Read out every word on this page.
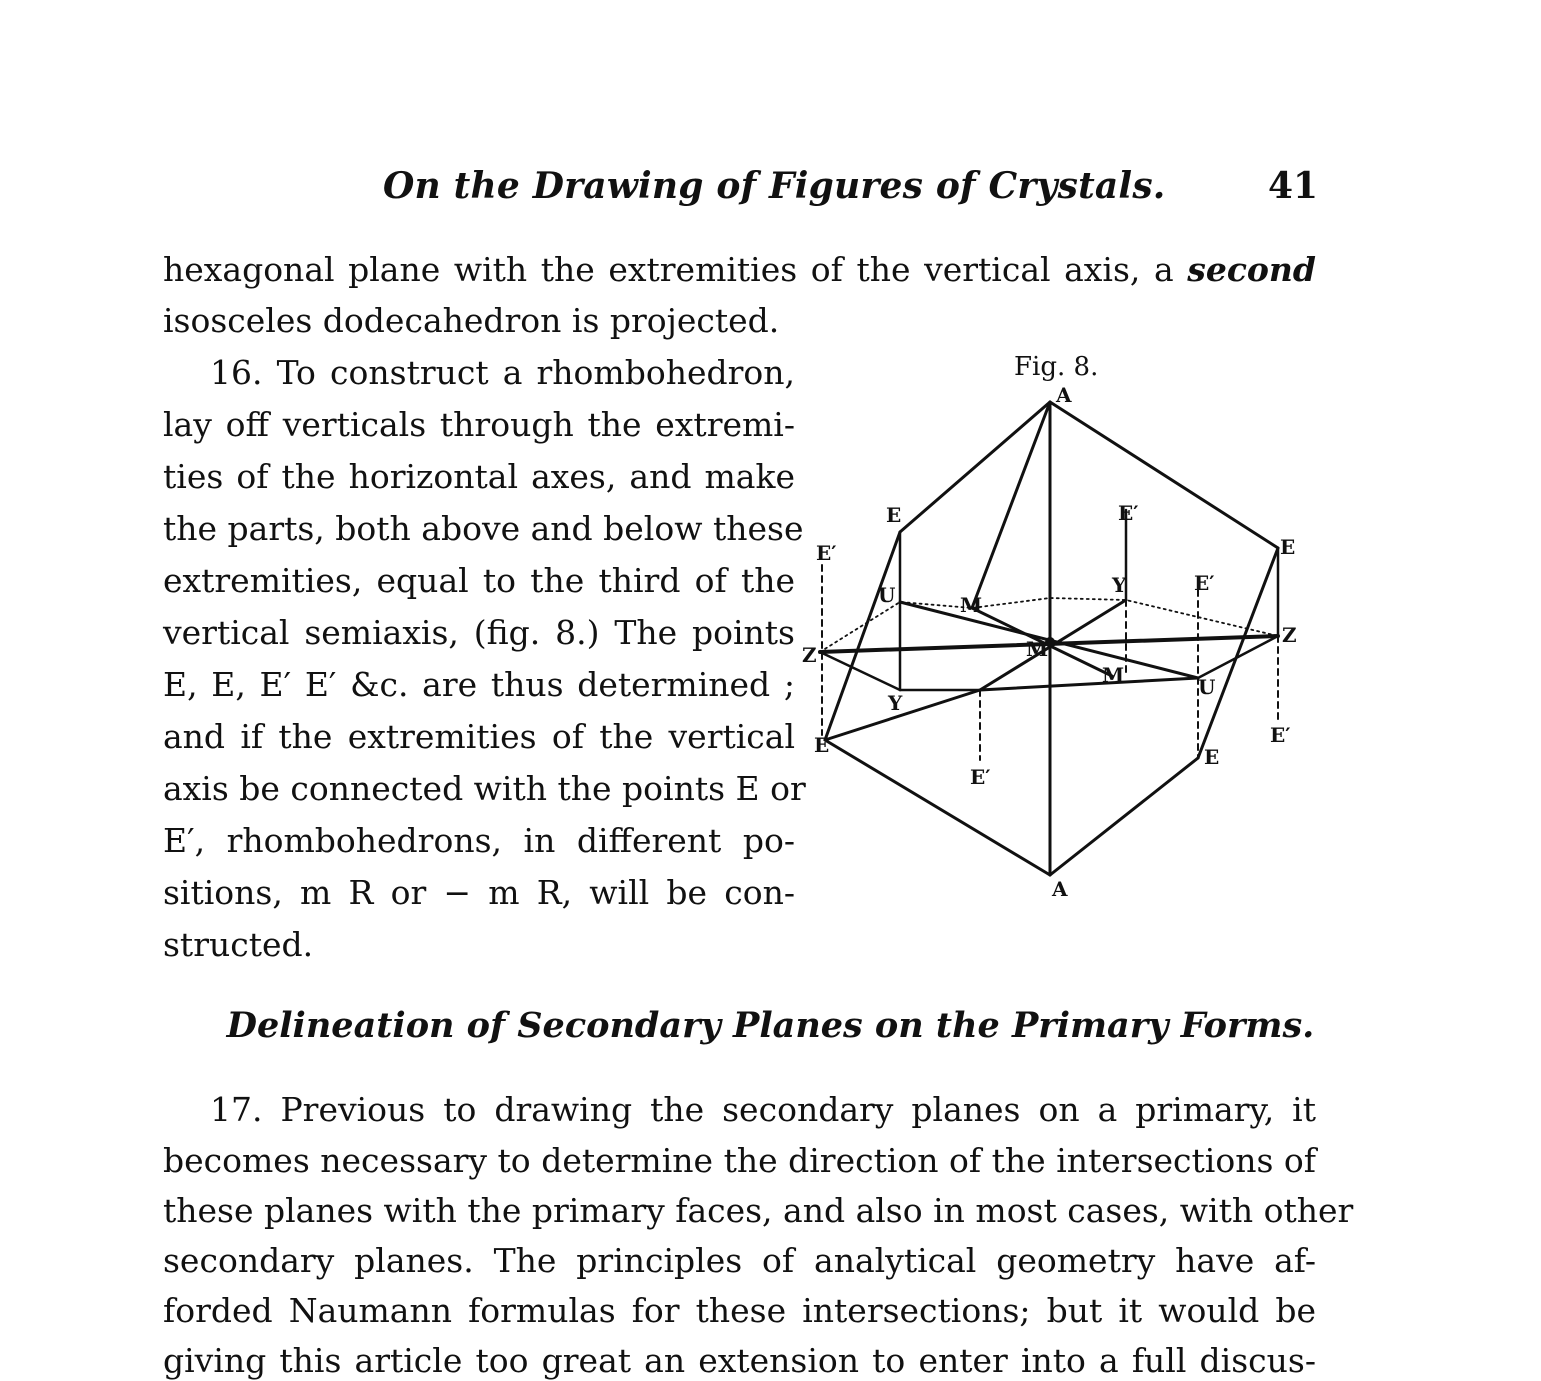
On the Drawing of Figures of Crystals.	41
hexagonal plane with the extremities of the vertical axis, a second
isosceles dodecahedron is projected.
16. To construct a rhombohedron,
lay off verticals through the extremi-
ties of the horizontal axes, and make
the parts, both above and below these
extremities, equal to the third of the
vertical semiaxis, (fig. 8.) The points
E, E, E′ E′ &c. are thus determined ;
and if the extremities of the vertical
axis be connected with the points E or
E′, rhombohedrons, in different po-
sitions, m R or − m R, will be con-
structed.
Fig. 8.
A
A
Z
Z
U
U
Y
Y
M
M
M
E
E
E	E
E′
E′
E′
E′
E′
Delineation of Secondary Planes on the Primary Forms.
17. Previous to drawing the secondary planes on a primary, it
becomes necessary to determine the direction of the intersections of
these planes with the primary faces, and also in most cases, with other
secondary planes. The principles of analytical geometry have af-
forded Naumann formulas for these intersections; but it would be
giving this article too great an extension to enter into a full discus-
